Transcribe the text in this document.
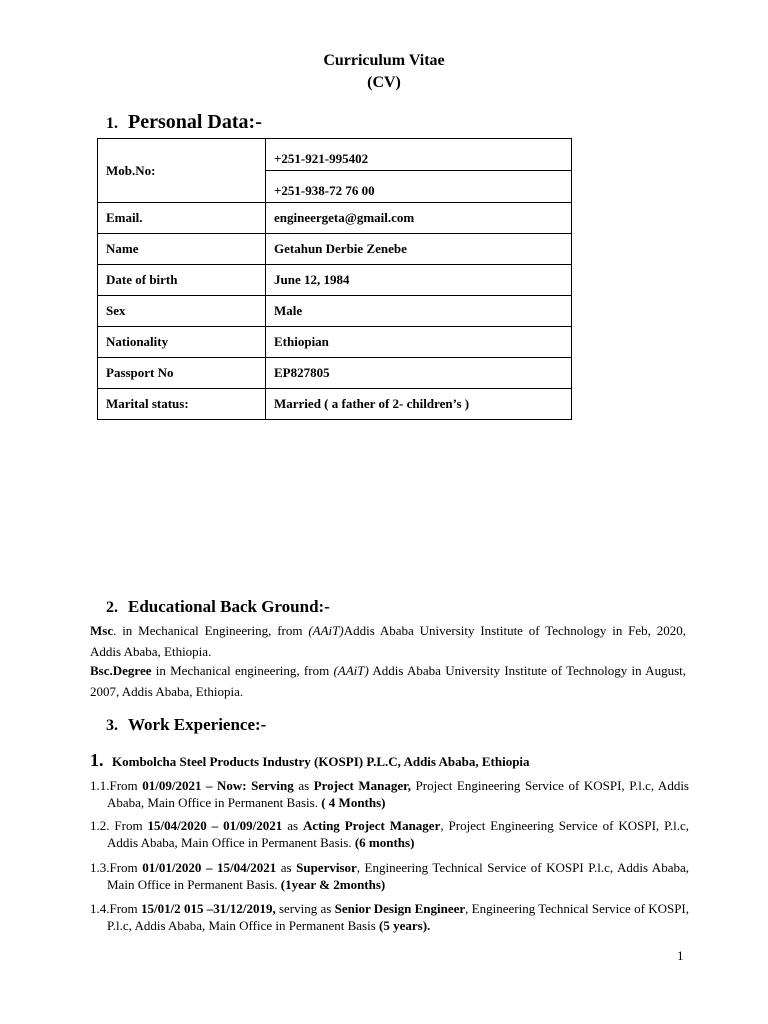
Curriculum Vitae
(CV)
1. Personal Data:-
Mob.No:	+251-921-995402
	+251-938-72 76 00
Email.	engineergeta@gmail.com
Name	Getahun Derbie Zenebe
Date of birth	June 12, 1984
Sex	Male
Nationality	Ethiopian
Passport No	EP827805
Marital status:	Married ( a father of 2- children’s )
2. Educational Back Ground:-
Msc. in Mechanical Engineering, from (AAiT)Addis Ababa University Institute of Technology in Feb, 2020, Addis Ababa, Ethiopia.
Bsc.Degree in Mechanical engineering, from (AAiT) Addis Ababa University Institute of Technology in August, 2007, Addis Ababa, Ethiopia.
3. Work Experience:-
1. Kombolcha Steel Products Industry (KOSPI) P.L.C, Addis Ababa, Ethiopia
1.1.From 01/09/2021 – Now: Serving as Project Manager, Project Engineering Service of KOSPI, P.l.c, Addis Ababa, Main Office in Permanent Basis. ( 4 Months)
1.2. From 15/04/2020 – 01/09/2021 as Acting Project Manager, Project Engineering Service of KOSPI, P.l.c, Addis Ababa, Main Office in Permanent Basis. (6 months)
1.3.From 01/01/2020 – 15/04/2021 as Supervisor, Engineering Technical Service of KOSPI P.l.c, Addis Ababa, Main Office in Permanent Basis. (1year & 2months)
1.4.From 15/01/2 015 –31/12/2019, serving as Senior Design Engineer, Engineering Technical Service of KOSPI, P.l.c, Addis Ababa, Main Office in Permanent Basis (5 years).
1
